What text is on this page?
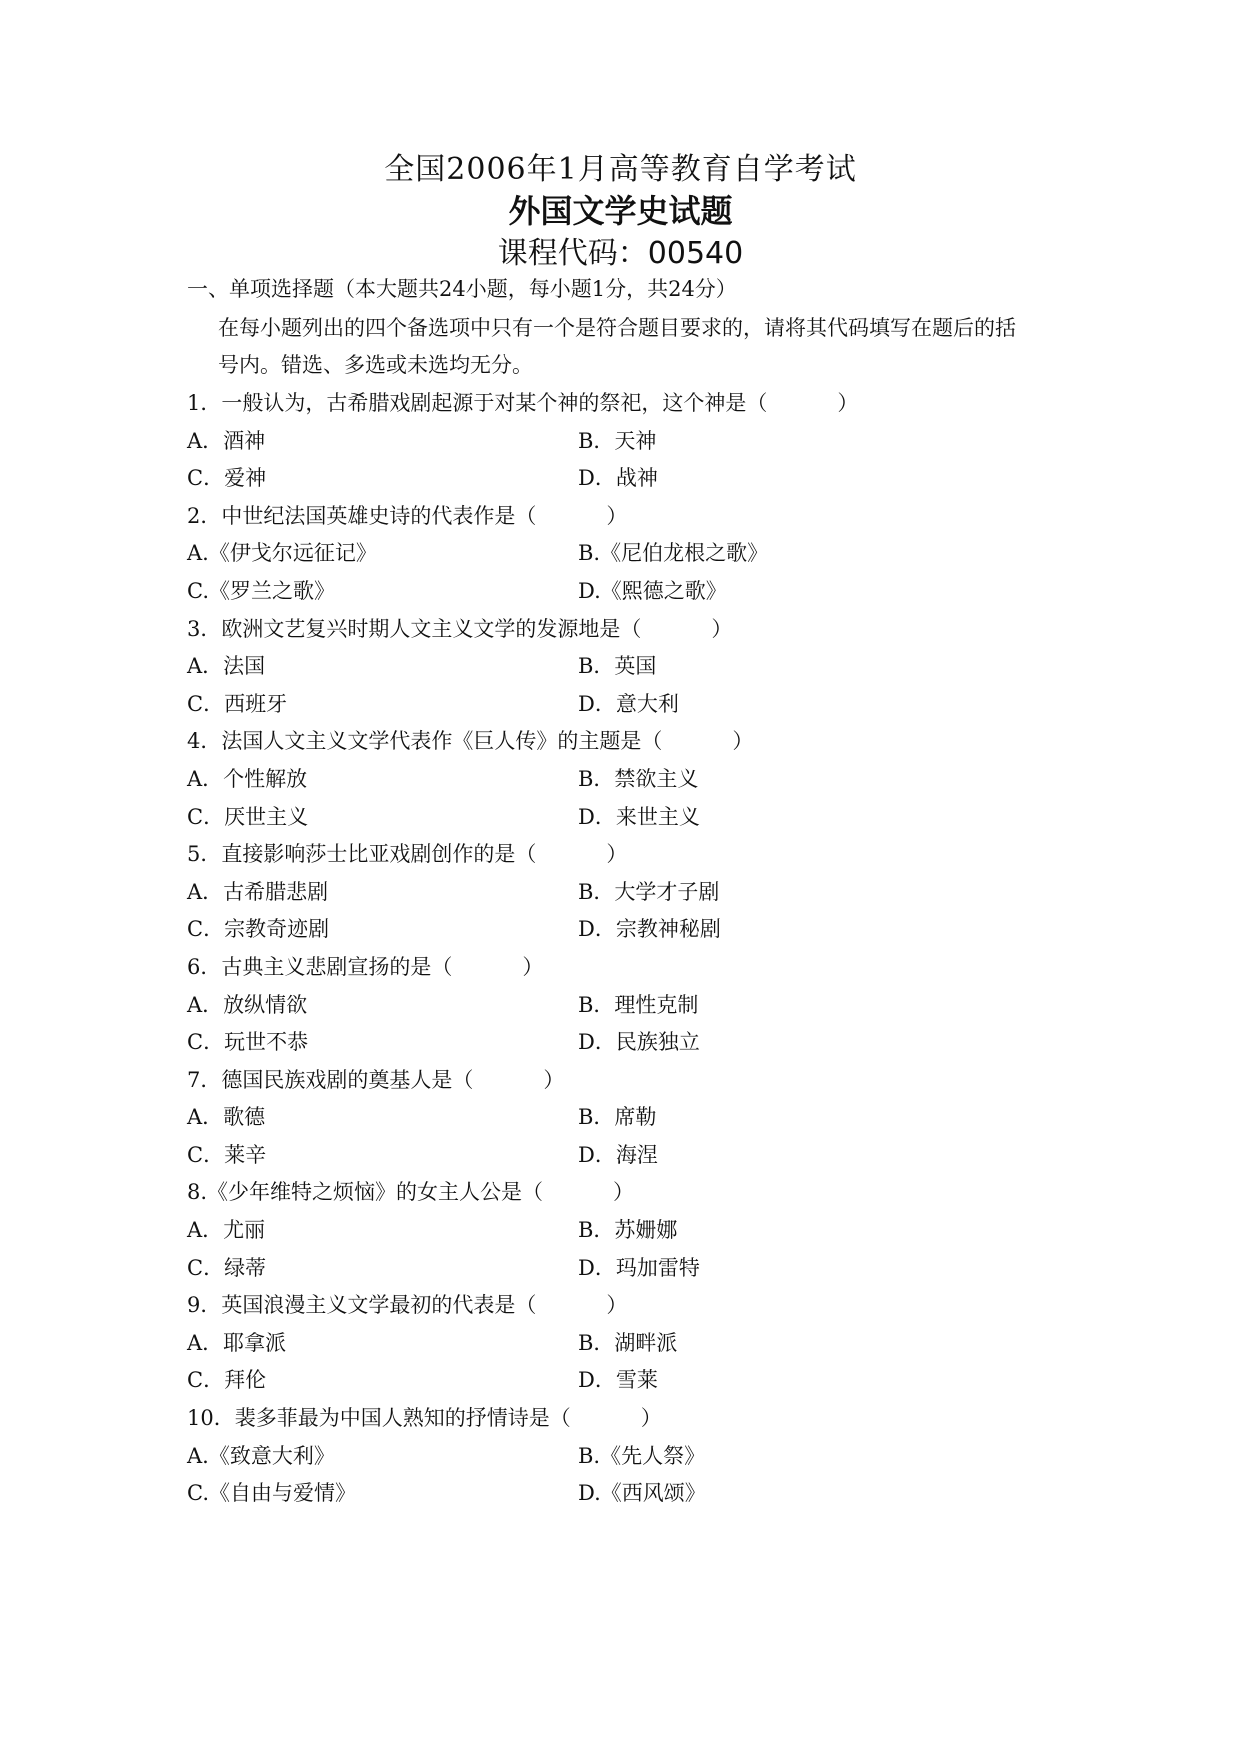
全国2006年1月高等教育自学考试
外国文学史试题
课程代码：00540
一、单项选择题（本大题共24小题，每小题1分，共24分）
在每小题列出的四个备选项中只有一个是符合题目要求的，请将其代码填写在题后的括
号内。错选、多选或未选均无分。
1．一般认为，古希腊戏剧起源于对某个神的祭祀，这个神是（	）
A．酒神	B．天神
C．爱神	D．战神
2．中世纪法国英雄史诗的代表作是（	）
A.《伊戈尔远征记》	B.《尼伯龙根之歌》
C.《罗兰之歌》	D.《熙德之歌》
3．欧洲文艺复兴时期人文主义文学的发源地是（	）
A．法国	B．英国
C．西班牙	D．意大利
4．法国人文主义文学代表作《巨人传》的主题是（	）
A．个性解放	B．禁欲主义
C．厌世主义	D．来世主义
5．直接影响莎士比亚戏剧创作的是（	）
A．古希腊悲剧	B．大学才子剧
C．宗教奇迹剧	D．宗教神秘剧
6．古典主义悲剧宣扬的是（	）
A．放纵情欲	B．理性克制
C．玩世不恭	D．民族独立
7．德国民族戏剧的奠基人是（	）
A．歌德	B．席勒
C．莱辛	D．海涅
8.《少年维特之烦恼》的女主人公是（	）
A．尤丽	B．苏姗娜
C．绿蒂	D．玛加雷特
9．英国浪漫主义文学最初的代表是（	）
A．耶拿派	B．湖畔派
C．拜伦	D．雪莱
10．裴多菲最为中国人熟知的抒情诗是（	）
A.《致意大利》	B.《先人祭》
C.《自由与爱情》	D.《西风颂》
